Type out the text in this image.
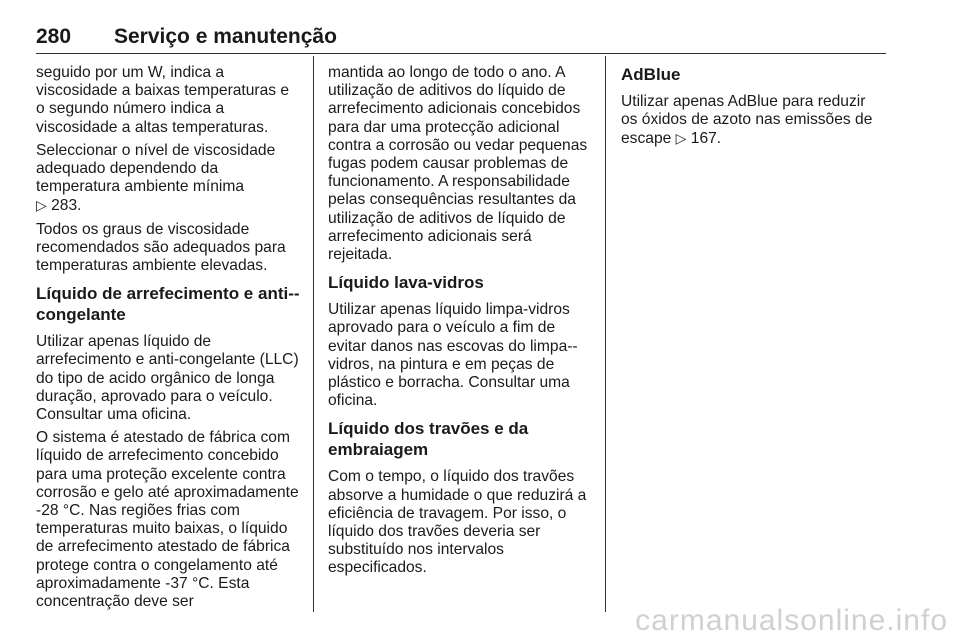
280 Serviço e manutenção

seguido por um W, indica a viscosidade a baixas temperaturas e o segundo número indica a viscosidade a altas temperaturas.

Seleccionar o nível de viscosidade adequado dependendo da temperatura ambiente mínima
▷ 283.

Todos os graus de viscosidade recomendados são adequados para temperaturas ambiente elevadas.

Líquido de arrefecimento e anti--congelante

Utilizar apenas líquido de arrefecimento e anti-congelante (LLC) do tipo de acido orgânico de longa duração, aprovado para o veículo. Consultar uma oficina.

O sistema é atestado de fábrica com líquido de arrefecimento concebido para uma proteção excelente contra corrosão e gelo até aproximadamente -28 °C. Nas regiões frias com temperaturas muito baixas, o líquido de arrefecimento atestado de fábrica protege contra o congelamento até aproximadamente -37 °C. Esta concentração deve ser

mantida ao longo de todo o ano. A utilização de aditivos do líquido de arrefecimento adicionais concebidos para dar uma protecção adicional contra a corrosão ou vedar pequenas fugas podem causar problemas de funcionamento. A responsabilidade pelas consequências resultantes da utilização de aditivos de líquido de arrefecimento adicionais será rejeitada.

Líquido lava-vidros

Utilizar apenas líquido limpa-vidros aprovado para o veículo a fim de evitar danos nas escovas do limpa--vidros, na pintura e em peças de plástico e borracha. Consultar uma oficina.

Líquido dos travões e da embraiagem

Com o tempo, o líquido dos travões absorve a humidade o que reduzirá a eficiência de travagem. Por isso, o líquido dos travões deveria ser substituído nos intervalos especificados.

AdBlue

Utilizar apenas AdBlue para reduzir os óxidos de azoto nas emissões de escape ▷ 167.

carmanualsonline.info
